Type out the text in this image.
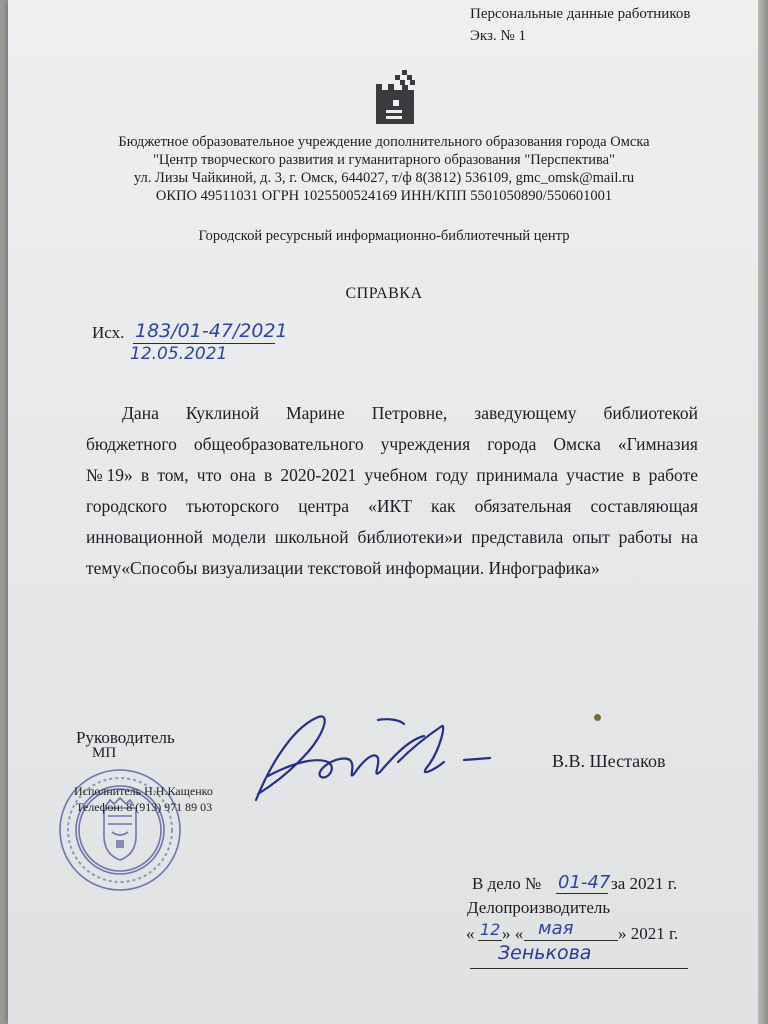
Персональные данные работников
Экз. № 1
Бюджетное образовательное учреждение дополнительного образования города Омска
"Центр творческого развития и гуманитарного образования "Перспектива"
ул. Лизы Чайкиной, д. 3, г. Омск, 644027, т/ф 8(3812) 536109, gmc_omsk@mail.ru
ОКПО 49511031 ОГРН 1025500524169 ИНН/КПП 5501050890/550601001
Городской ресурсный информационно-библиотечный центр
СПРАВКА
Исх. 183/01-47/2021
12.05.2021
Дана Куклиной Марине Петровне, заведующему библиотекой
бюджетного общеобразовательного учреждения города Омска «Гимназия
№19» в том, что она в 2020-2021 учебном году принимала участие в работе
городского тьюторского центра «ИКТ как обязательная составляющая
инновационной модели школьной библиотеки»и представила опыт работы на
тему«Способы визуализации текстовой информации. Инфографика»
Руководитель
МП	В.В. Шестаков
Исполнитель Н.Н.Кащенко
Телефон: 8 (913) 971 89 03
В дело № 01-47 за 2021 г.
Делопроизводитель
« 12 » « мая	» 2021 г.
Зенькова
